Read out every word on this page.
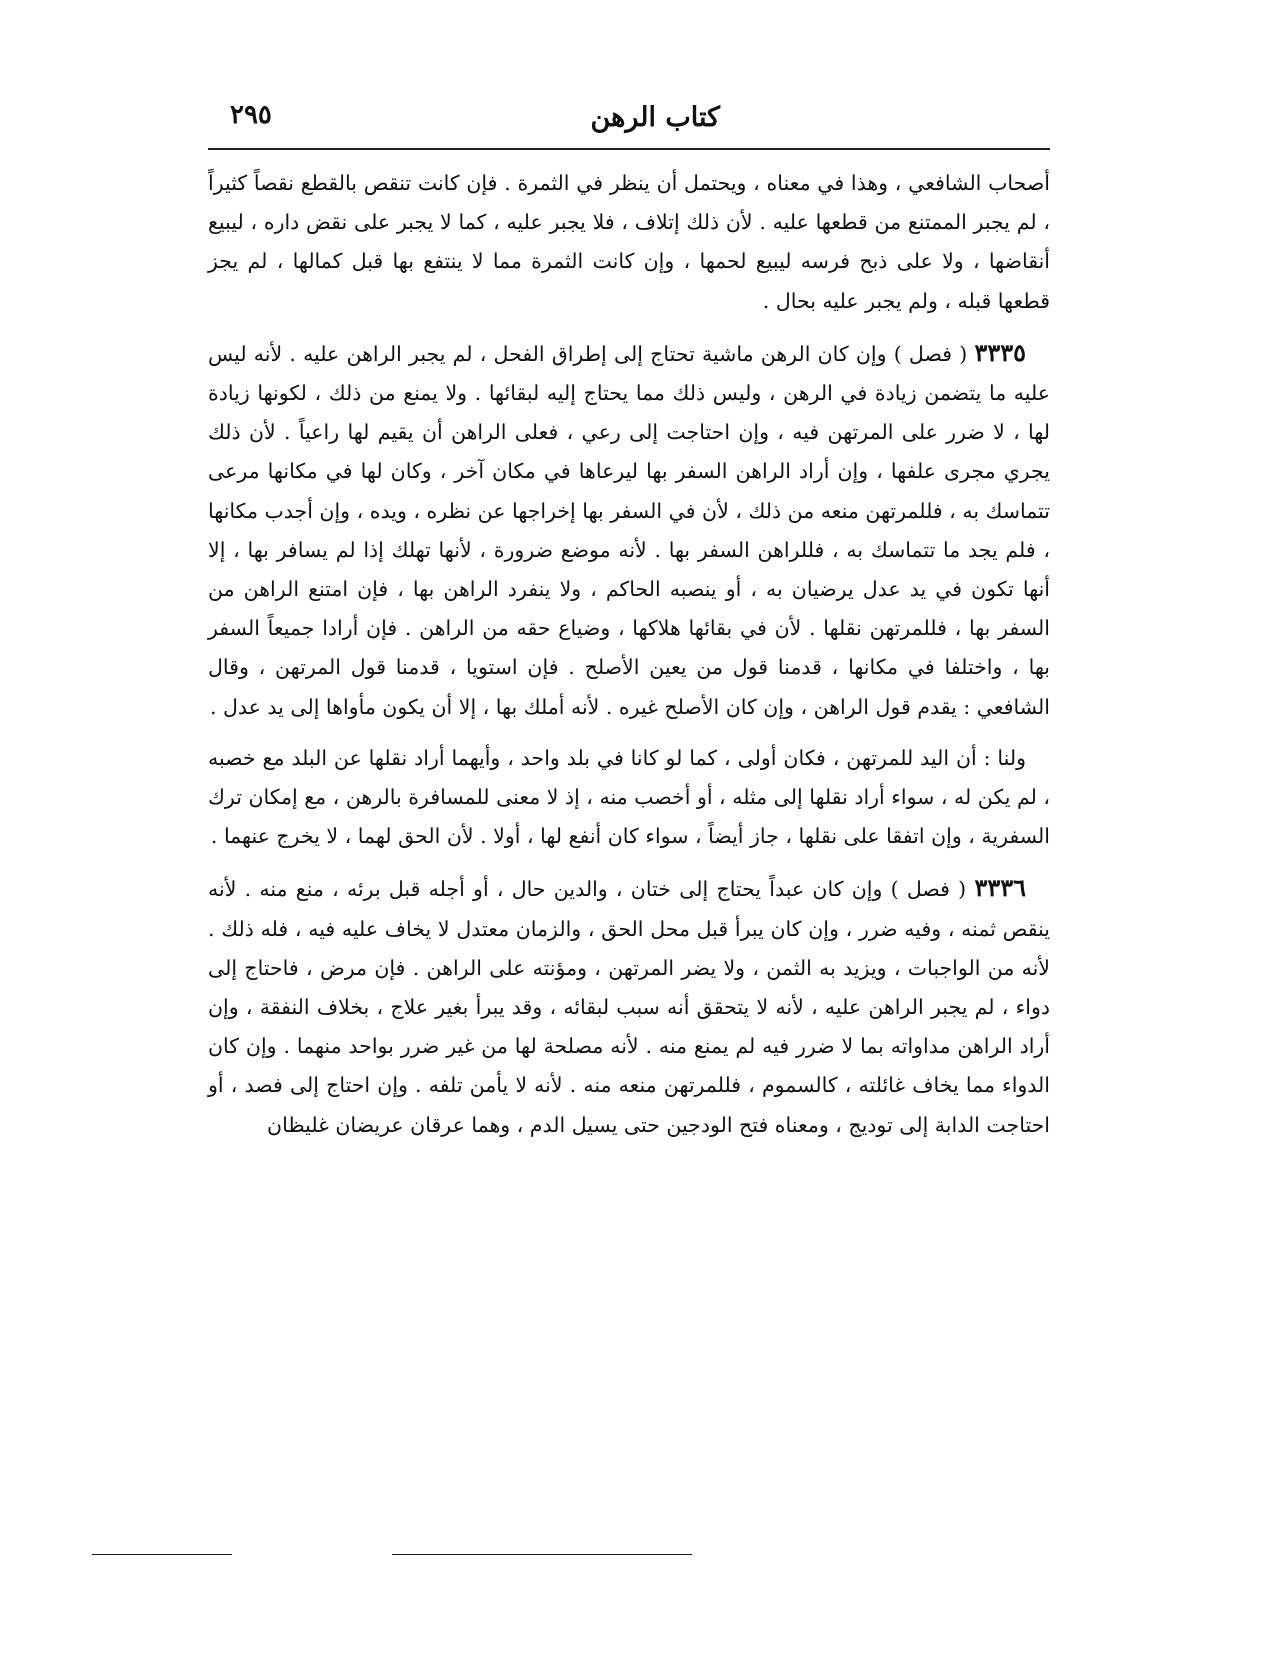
كتاب الرهن
٢٩٥

أصحاب الشافعي ، وهذا في معناه ، ويحتمل أن ينظر في الثمرة . فإن كانت تنقص بالقطع نقصاً كثيراً ، لم يجبر الممتنع من قطعها عليه . لأن ذلك إتلاف ، فلا يجبر عليه ، كما لا يجبر على نقض داره ، ليبيع أنقاضها ، ولا على ذبح فرسه ليبيع لحمها ، وإن كانت الثمرة مما لا ينتفع بها قبل كمالها ، لم يجز قطعها قبله ، ولم يجبر عليه بحال .

٣٣٣٥ ( فصل ) وإن كان الرهن ماشية تحتاج إلى إطراق الفحل ، لم يجبر الراهن عليه . لأنه ليس عليه ما يتضمن زيادة في الرهن ، وليس ذلك مما يحتاج إليه لبقائها . ولا يمنع من ذلك ، لكونها زيادة لها ، لا ضرر على المرتهن فيه ، وإن احتاجت إلى رعي ، فعلى الراهن أن يقيم لها راعياً . لأن ذلك يجري مجرى علفها ، وإن أراد الراهن السفر بها ليرعاها في مكان آخر ، وكان لها في مكانها مرعى تتماسك به ، فللمرتهن منعه من ذلك ، لأن في السفر بها إخراجها عن نظره ، ويده ، وإن أجدب مكانها ، فلم يجد ما تتماسك به ، فللراهن السفر بها . لأنه موضع ضرورة ، لأنها تهلك إذا لم يسافر بها ، إلا أنها تكون في يد عدل يرضيان به ، أو ينصبه الحاكم ، ولا ينفرد الراهن بها ، فإن امتنع الراهن من السفر بها ، فللمرتهن نقلها . لأن في بقائها هلاكها ، وضياع حقه من الراهن . فإن أرادا جميعاً السفر بها ، واختلفا في مكانها ، قدمنا قول من يعين الأصلح . فإن استويا ، قدمنا قول المرتهن ، وقال الشافعي : يقدم قول الراهن ، وإن كان الأصلح غيره . لأنه أملك بها ، إلا أن يكون مأواها إلى يد عدل .

ولنا : أن اليد للمرتهن ، فكان أولى ، كما لو كانا في بلد واحد ، وأيهما أراد نقلها عن البلد مع خصبه ، لم يكن له ، سواء أراد نقلها إلى مثله ، أو أخصب منه ، إذ لا معنى للمسافرة بالرهن ، مع إمكان ترك السفرية ، وإن اتفقا على نقلها ، جاز أيضاً ، سواء كان أنفع لها ، أولا . لأن الحق لهما ، لا يخرج عنهما .

٣٣٣٦ ( فصل ) وإن كان عبداً يحتاج إلى ختان ، والدين حال ، أو أجله قبل برئه ، منع منه . لأنه ينقص ثمنه ، وفيه ضرر ، وإن كان يبرأ قبل محل الحق ، والزمان معتدل لا يخاف عليه فيه ، فله ذلك . لأنه من الواجبات ، ويزيد به الثمن ، ولا يضر المرتهن ، ومؤنته على الراهن . فإن مرض ، فاحتاج إلى دواء ، لم يجبر الراهن عليه ، لأنه لا يتحقق أنه سبب لبقائه ، وقد يبرأ بغير علاج ، بخلاف النفقة ، وإن أراد الراهن مداواته بما لا ضرر فيه لم يمنع منه . لأنه مصلحة لها من غير ضرر بواحد منهما . وإن كان الدواء مما يخاف غائلته ، كالسموم ، فللمرتهن منعه منه . لأنه لا يأمن تلفه . وإن احتاج إلى فصد ، أو احتاجت الدابة إلى توديج ، ومعناه فتح الودجين حتى يسيل الدم ، وهما عرقان عريضان غليظان
